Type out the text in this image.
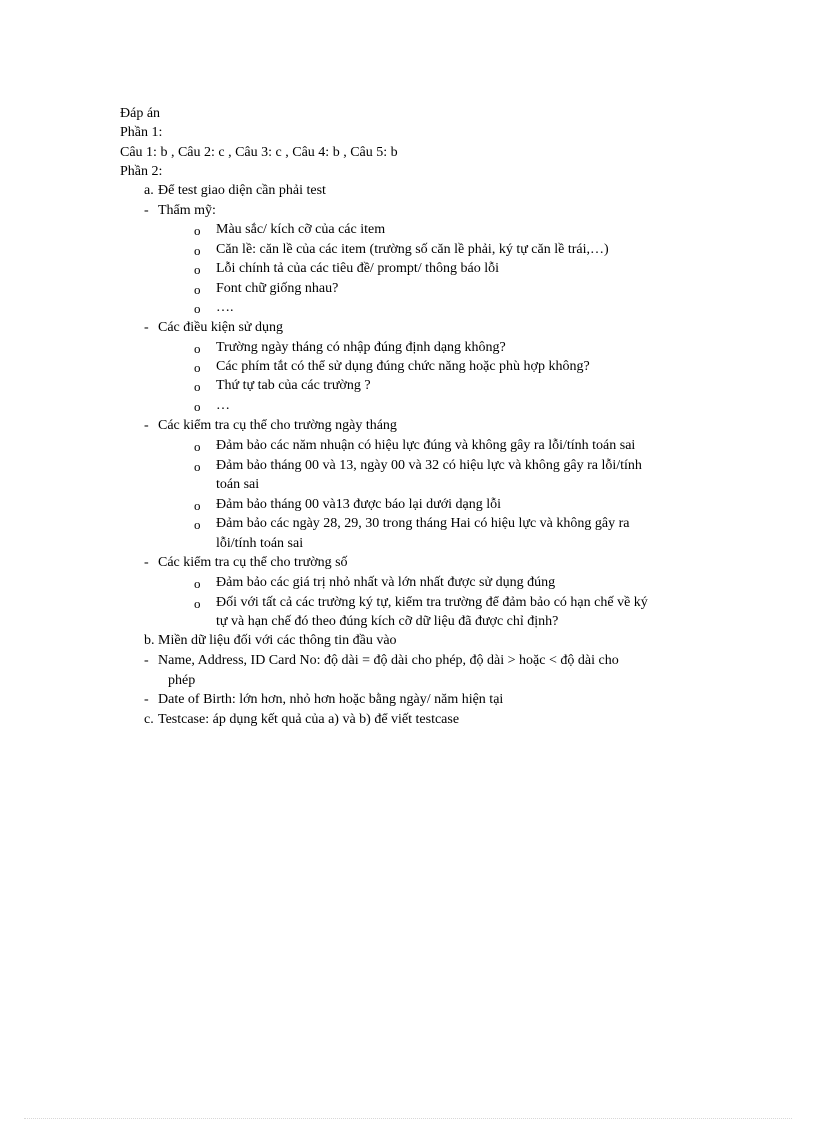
Đáp án
Phần 1:
Câu 1: b , Câu 2: c , Câu 3: c , Câu 4: b , Câu 5: b
Phần 2:
a. Để test giao diện cần phải test
- Thẩm mỹ:
o Màu sắc/ kích cỡ của các item
o Căn lề: căn lề của các item (trường số căn lề phải, ký tự căn lề trái,…)
o Lỗi chính tả của các tiêu đề/ prompt/ thông báo lỗi
o Font chữ giống nhau?
o ….
- Các điều kiện sử dụng
o Trường ngày tháng có nhập đúng định dạng không?
o Các phím tắt có thể sử dụng đúng chức năng hoặc phù hợp không?
o Thứ tự tab của các trường ?
o …
- Các kiểm tra cụ thể cho trường ngày tháng
o Đảm bảo các năm nhuận có hiệu lực đúng và không gây ra lỗi/tính toán sai
o Đảm bảo tháng 00 và 13, ngày 00 và 32 có hiệu lực và không gây ra lỗi/tính
toán sai
o Đảm bảo tháng 00 và13 được báo lại dưới dạng lỗi
o Đảm bảo các ngày 28, 29, 30 trong tháng Hai có hiệu lực và không gây ra
lỗi/tính toán sai
- Các kiểm tra cụ thể cho trường số
o Đảm bảo các giá trị nhỏ nhất và lớn nhất được sử dụng đúng
o Đối với tất cả các trường ký tự, kiểm tra trường để đảm bảo có hạn chế về ký
tự và hạn chế đó theo đúng kích cỡ dữ liệu đã được chỉ định?
b. Miền dữ liệu đối với các thông tin đầu vào
- Name, Address, ID Card No: độ dài = độ dài cho phép, độ dài > hoặc < độ dài cho
phép
- Date of Birth: lớn hơn, nhỏ hơn hoặc bằng ngày/ năm hiện tại
c. Testcase: áp dụng kết quả của a) và b) để viết testcase
